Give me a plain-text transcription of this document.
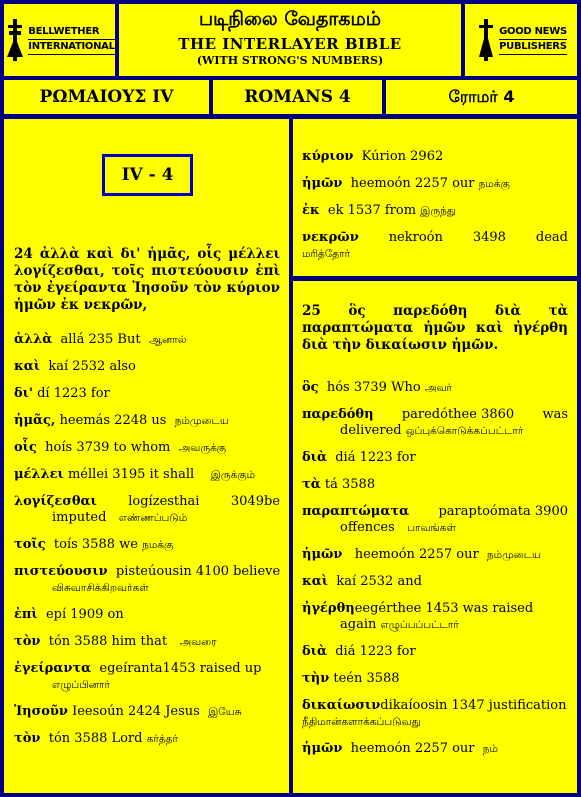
BELLWETHER
INTERNATIONAL
படிநிலை வேதாகமம்
THE INTERLAYER BIBLE
(WITH STRONG'S NUMBERS)
GOOD NEWS
PUBLISHERS
ΡΩΜΑΙΟΥΣ IV	ROMANS 4	ரோமர் 4
IV - 4
24 ἀλλὰ καὶ δι' ἡμᾶς, οἷς μέλλει λογίζεσθαι, τοῖς πιστεύουσιν ἐπὶ τὸν ἐγείραντα Ἰησοῦν τὸν κύριον ἡμῶν ἐκ νεκρῶν,
ἀλλὰ allá 235 But ஆனால்
καὶ kaí 2532 also
δι' dí 1223 for
ἡμᾶς, heemás 2248 us நம்முடைய
οἷς hoís 3739 to whom அவருக்கு
μέλλει méllei 3195 it shall இருக்கும்
λογίζεσθαι logízesthai 3049be
imputed எண்ணப்படும்
τοῖς toís 3588 we நமக்கு
πιστεύουσιν pisteúousin 4100 believe
விசுவாசிக்கிறவர்கள்
ἐπὶ epí 1909 on
τὸν tón 3588 him that அவரை
ἐγείραντα egeíranta1453 raised up
எழுப்பினார்
Ἰησοῦν Ieesoún 2424 Jesus இயேசு
τὸν tón 3588 Lord கர்த்தர்
κύριον Kúrion 2962
ἡμῶν heemoón 2257 our நமக்கு
ἐκ ek 1537 from இருந்து
νεκρῶν nekroón 3498 dead
மரித்தோர்
25 ὃς παρεδόθη διὰ τὰ παραπτώματα ἡμῶν καὶ ἠγέρθη διὰ τὴν δικαίωσιν ἡμῶν.
ὃς hós 3739 Who அவர்
παρεδόθη paredóthee 3860 was
delivered ஒப்புக்கொடுக்கப்பட்டார்
διὰ diá 1223 for
τὰ tá 3588
παραπτώματα paraptoómata 3900
offences பாவங்கள்
ἡμῶν heemoón 2257 our நம்முடைய
καὶ kaí 2532 and
ἠγέρθηeegérthee 1453 was raised
again எழுப்பப்பட்டார்
διὰ diá 1223 for
τὴν teén 3588
δικαίωσινdikaíoosin 1347 justification
நீதிமான்களாக்கப்படுவது
ἡμῶν heemoón 2257 our நம்
